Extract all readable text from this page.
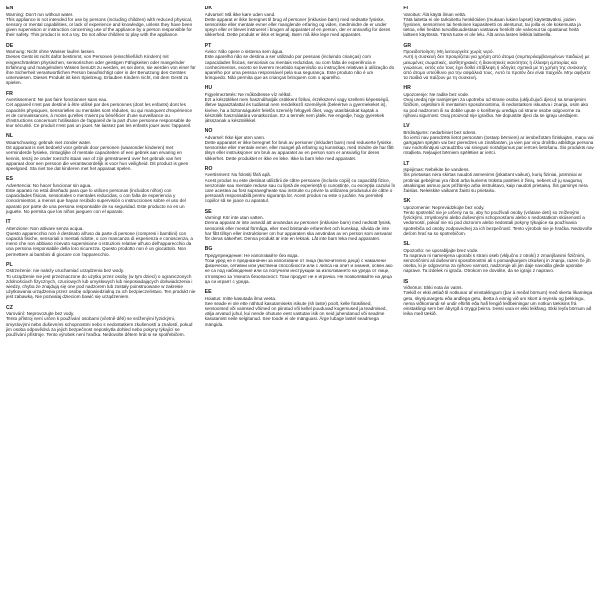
EN
Warning: Don't run without water.
This appliance is not intended for use by persons (including children) with reduced physical, sensory or mental capabilities, or lack of experience and knowledge, unless they have been given supervision or instruction concerning use of the appliance by a person responsible for their safety. This product is not a toy. Do not allow children to play with the appliance.
DE
Warnung: Nicht ohne Wasser laufen lassen.
Dieses Gerät ist nicht dafür bestimmt, von Personen (einschließlich Kindern) mit eingeschränkten physischen, sensorischen oder geistigen Fähigkeiten oder mangelnder Erfahrung und mangelndem Wissen benutzt zu werden, es sei denn, sie werden von einer für ihre Sicherheit verantwortlichen Person beaufsichtigt oder in der Benutzung des Gerätes unterwiesen. Dieses Produkt ist kein Spielzeug. Erlauben Kindern nicht, mit dem Gerät zu spielen.
FR
Avertissement: Ne pas faire fonctionner sans eau.
Cet appareil n'est pas destiné à être utilisé par des personnes (dont les enfants) dont les capacités physiques, sensorielles ou mentales sont réduites, ou qui manquent d'expérience et de connaissances, à moins qu'elles n'aient pu bénéficier d'une surveillance ou d'instructions concernant l'utilisation de l'appareil de la part d'une personne responsable de leur sécurité. Ce produit n'est pas un jouet. Ne laissez pas les enfants jouer avec l'appareil.
NL
Waarschuwing: gebruik niet zonder water.
Dit apparaat is niet bedoeld voor gebruik door personen (waaronder kinderen) met verminderde fysieke, zintuiglijke of mentale capaciteiten of een gebrek aan ervaring en kennis, tenzij ze onder toezicht staan van of zijn geïnstrueerd over het gebruik van het apparaat door een persoon die verantwoordelijk is voor hun veiligheid. Dit product is geen speelgoed. Sta niet toe dat kinderen met het apparaat spelen.
ES
Advertencia: No hacer funcionar sin agua.
Este aparato no está diseñado para que lo utilicen personas (incluidos niños) con capacidades físicas, sensoriales o mentales reducidas, o con falta de experiencia y conocimientos, a menos que hayan recibido supervisión o instrucciones sobre el uso del aparato por parte de una persona responsable de su seguridad. Este producto no es un juguete. No permita que los niños jueguen con el aparato.
IT
Attenzione: Non attivare senza acqua.
Questo apparecchio non è destinato all'uso da parte di persone (compresi i bambini) con capacità fisiche, sensoriali o mentali ridotte, o con mancanza di esperienza e conoscenza, a meno che non abbiano ricevuto supervisione o istruzioni relative all'uso dell'apparecchio da una persona responsabile della loro sicurezza. Questo prodotto non è un giocattolo. Non permettere ai bambini di giocare con l'apparecchio.
PL
Ostrzeżenie: nie należy uruchamiać urządzenia bez wody.
To urządzenie nie jest przeznaczone do użytku przez osoby (w tym dzieci) o ograniczonych zdolnościach fizycznych, czuciowych lub umysłowych lub nieposiadających doświadczenia i wiedzy, chyba że znajdują się one pod nadzorem lub zostały poinstruowane w zakresie użytkowania urządzenia przez osobę odpowiedzialną za ich bezpieczeństwo. Ten produkt nie jest zabawką. Nie pozwalaj dzieciom bawić się urządzeniem.
CZ
Varování: Neprovozujte bez vody.
Tento přístroj není určen k používání osobami (včetně dětí) se sníženými fyzickými, smyslovými nebo duševními schopnostmi nebo s nedostatkem zkušeností a znalostí, pokud jim osoba odpovědná za jejich bezpečnost neposkytla dohled nebo pokyny týkající se používání přístroje. Tento výrobek není hračka. Nedovolte dětem hrát si se spotřebičem.
DK
Advarsel: Må ikke køre uden vand.
Dette apparat er ikke beregnet til brug af personer (inklusive børn) med nedsatte fysiske, sensoriske eller mentale evner eller manglende erfaring og viden, medmindre de er under opsyn eller er blevet instrueret i brugen af apparatet af en person, der er ansvarlig for deres sikkerhed. Dette produkt er ikke et legetøj. Børn må ikke lege med apparatet.
PT
Aviso: Não opere o sistema sem água.
Este aparelho não se destina a ser utilizado por pessoas (incluindo crianças) com capacidades físicas, sensoriais ou mentais reduzidas, ou com falta de experiência e conhecimentos, exceto se tiverem recebido supervisão ou instruções relativas à utilização do aparelho por uma pessoa responsável pela sua segurança. Este produto não é um brinquedo. Não permita que as crianças brinquem com o aparelho.
HU
Figyelmeztetés: Ne működtesse víz nélkül.
Ezt a készüléket nem használhatják csökkent fizikai, érzékszervi vagy szellemi képességű, illetve tapasztalattal és tudással nem rendelkező személyek (beleértve a gyermekeket is), kivéve, ha a biztonságukért felelős személy felügyeli őket, vagy utasításokat kaptak a készülék használatára vonatkozóan. Ez a termék nem játék. Ne engedje, hogy gyerekek játsszanak a készülékkel.
NO
Advarsel: Ikke kjør uten vann.
Dette apparatet er ikke beregnet for bruk av personer (inkludert barn) med reduserte fysiske, sensoriske eller mentale evner, eller mangel på erfaring og kunnskap, med mindre de har fått tilsyn eller instruksjoner om bruk av apparatet av en person som er ansvarlig for deres sikkerhet. Dette produktet er ikke en leke. Ikke la barn leke med apparatet.
RO
Avertisment: Nu folosiți fără apă.
Acest produs nu este destinat utilizării de către persoane (inclusiv copii) cu capacități fizice, senzoriale sau mentale reduse sau cu lipsă de experiență și cunoștințe, cu excepția cazului în care acestea au fost supravegheate sau instruite cu privire la utilizarea produsului de către o persoană responsabilă pentru siguranța lor. Acest produs nu este o jucărie. Nu permiteți copiilor să se joace cu aparatul.
SE
Varning! Kör inte utan vatten.
Denna apparat är inte avsedd att användas av personer (inklusive barn) med nedsatt fysisk, sensorisk eller mental förmåga, eller med bristande erfarenhet och kunskap, såvida de inte har fått tillsyn eller instruktioner om hur apparaten ska användas av en person som ansvarar för deras säkerhet. Denna produkt är inte en leksak. Låt inte barn leka med apparaten.
BG
Предупреждение: Не използвайте без вода.
Този уред не е предназначен за използване от лица (включително деца) с намалени физически, сетивни или умствени способности или с липса на опит и знания, освен ако не са под наблюдение или са получили инструкции за използването на уреда от лице, отговорно за тяхната безопасност. Този продукт не е играчка. Не позволявайте на деца да си играят с уреда.
EE
Hoiatus: mitte kasutada ilma veeta.
See seade ei ole ette nähtud kasutamiseks isikute (sh laste) poolt, kelle füüsilised, sensoorsed või vaimsed võimed on piiratud või kellel puuduvad kogemused ja teadmised, välja arvatud juhul, kui nende ohutuse eest vastutav isik on neid juhendanud või seadme kasutamist neile selgitanud. See toode ei ole mänguasi. Ärge lubage lastel seadmega mängida.
FI
Varoitus: Älä käytä ilman vettä.
Tätä laitetta ei ole tarkoitettu henkilöiden (mukaan lukien lapset) käytettäväksi, joiden fyysinen, sensorinen tai henkinen kapasiteetti on alentunut, tai joilla ei ole kokemusta ja tietoa, ellei heidän turvallisuudestaan vastaava henkilö ole valvonut tai opastanut heitä laitteen käytössä. Tämä tuote ei ole lelu. Älä anna lasten leikkiä laitteella.
GR
Προειδοποίηση: Μη λειτουργείτε χωρίς νερό.
Αυτή η συσκευή δεν προορίζεται για χρήση από άτομα (συμπεριλαμβανομένων παιδιών) με μειωμένες σωματικές, αισθητηριακές ή διανοητικές ικανότητες ή έλλειψη εμπειρίας και γνώσεων, εκτός εάν τους έχει δοθεί επίβλεψη ή οδηγίες σχετικά με τη χρήση της συσκευής από άτομο υπεύθυνο για την ασφάλειά τους. Αυτό το προϊόν δεν είναι παιχνίδι. Μην αφήνετε τα παιδιά να παίζουν με τη συσκευή.
HR
Upozorenje: Ne radite bez vode.
Ovaj uređaj nije namijenjen za upotrebu od strane osoba (uključujući djecu) sa smanjenim fizičkim, osjetilnim ili mentalnim sposobnostima, ili nedostatkom iskustva i znanja, osim ako su pod nadzorom ili su dobile upute o korištenju uređaja od strane osobe odgovorne za njihovu sigurnost. Ovaj proizvod nije igračka. Ne dopustite djeci da se igraju uređajem.
LV
Brīdinājums: nedarbiniet bez ūdens.
Šo ierīci nav paredzēts lietot personām (tostarp bērniem) ar ierobežotām fiziskajām, maņu vai garīgajām spējām vai bez pieredzes un zināšanām, ja vien par viņu drošību atbildīga persona nav nodrošinājusi uzraudzību vai sniegusi norādījumus par ierīces lietošanu. Šis produkts nav rotaļlieta. Neļaujiet bērniem spēlēties ar ierīci.
LT
Įspėjimas: Nebėkite be vandens.
Šis prietaisas nėra skirtas naudoti asmenims (įskaitant vaikus), kurių fiziniai, jutiminiai ar protiniai gebėjimai yra riboti arba kuriems trūksta patirties ir žinių, nebent už jų saugumą atsakingas asmuo juos prižiūrėjo arba instruktavo, kaip naudoti prietaisą. Šis gaminys nėra žaislas. Neleiskite vaikams žaisti su prietaisu.
SK
Upozornenie: Neprevádzkujte bez vody.
Tento spotrebič nie je určený na to, aby ho používali osoby (vrátane detí) so zníženými fyzickými, zmyslovými alebo duševnými schopnosťami alebo s nedostatkom skúseností a vedomostí, pokiaľ nie sú pod dozorom alebo nedostali pokyny týkajúce sa používania spotrebiča od osoby zodpovednej za ich bezpečnosť. Tento výrobok nie je hračka. Nedovoľte deťom hrať sa so spotrebičom.
SL
Opozorilo: ne uporabljajte brez vode.
Ta naprava ni namenjena uporabi s strani oseb (vključno z otroki) z zmanjšanimi fizičnimi, senzoričnimi ali duševnimi sposobnostmi ali s pomanjkanjem izkušenj in znanja, razen če jih oseba, ki je odgovorna za njihovo varnost, nadzoruje ali jim daje navodila glede uporabe naprave. Ta izdelek ni igrača. Otrokom ne dovolite, da se igrajo z napravo.
IS
Viðvörun: Ekki nota án vatns.
Tækið er ekki ætlað til notkunar af einstaklingum (þar á meðal börnum) með skerta líkamlega getu, skynjunargetu eða andlega getu, ibetta á einnig við um skort á reynslu og þekkingu, nema viðkomandi sé undir eftirliti eða hafi fengið leiðbeiningar um notkun tækisins frá einstaklingi sem ber ábyrgð á öryggi þeirra. Þessi vara er ekki leikfang. Ekki leyfa börnum að leika með tækið.
